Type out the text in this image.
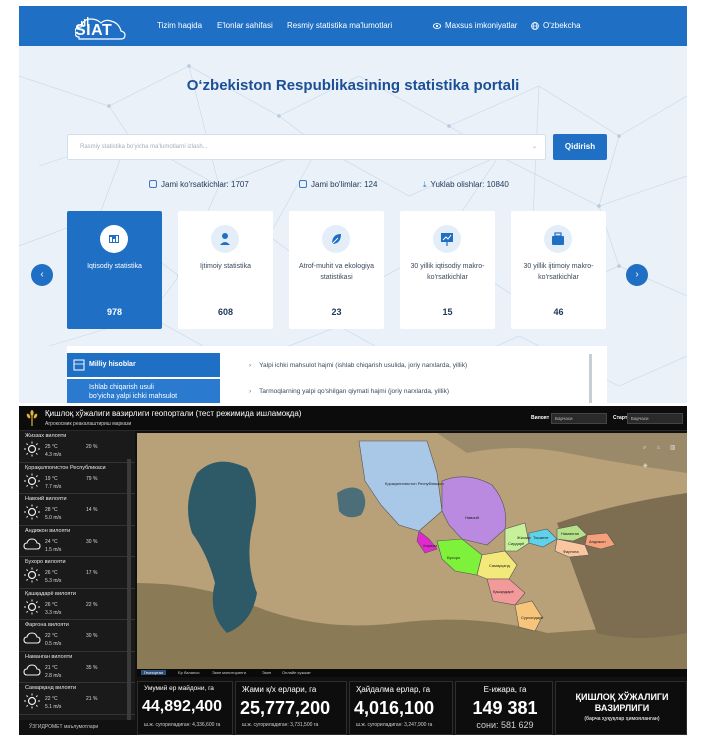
SIAT	Tizim haqida E'lonlar sahifasi Resmiy statistika ma'lumotlari	Maxsus imkoniyatlar	O'zbekcha
O‘zbekiston Respublikasining statistika portali
Rasmiy statistika bo'yicha ma'lumotlarni izlash...	⌄	Qidirish
Jami ko'rsatkichlar: 1707	Jami bo'limlar: 124	⤓ Yuklab olishlar: 10840
‹	›
Iqtisodiy statistika
978
Ijtimoiy statistika
608
Atrof-muhit va ekologiya statistikasi
23
30 yillik iqtisodiy makro-ko'rsatkichlar
15
30 yillik ijtimoiy makro-ko'rsatkichlar
46
Milliy hisoblar
Ishlab chiqarish usuli
bo'yicha yalpi ichki mahsulot
› Yalpi ichki mahsulot hajmi (ishlab chiqarish usulida, joriy narxlarda, yillik)
› Tarmoqlarning yalpi qo'shilgan qiymati hajmi (joriy narxlarda, yillik)
Қишлоқ хўжалиги вазирлиги геопортали (тест режимида ишламоқда)
Агрокосмик реакалаштириш маркази
Вилоят	Барчаси	Старт Барчаси
Жиззах вилояти
25 °C
4.3 m/s
20 %
Қорақалпоғистон Республикаси
19 °C
7.7 m/s
79 %
Навоий вилояти
28 °C
5.0 m/s
14 %
Андижон вилояти
24 °C
1.5 m/s
30 %
Бухоро вилояти
26 °C
5.3 m/s
17 %
Қашқадарё вилояти
26 °C
3.3 m/s
22 %
Фарғона вилояти
22 °C
0.5 m/s
30 %
Наманган вилояти
21 °C
2.8 m/s
35 %
Самарқанд вилояти
22 °C
5.1 m/s
21 %
ЎЗГИДРОМЕТ маълумотлари
Қорақалпоғистон Республикаси
Хоразм
Навоий
Бухоро
Жиззах
Самарқанд
Қашқадарё
Сурхондарё
Тошкент
Наманган
Андижон
Фарғона
Сирдарё
⌕ ⌂ ▥ ◈
Геопортал	Ер баланси	Экин мониторинги	Экин	Онлайн хужжат
Умумий ер майдони, га
44,892,400
ш.ж. суғориладиган: 4,336,600 га
Жами қ/х ерлари, га
25,777,200
ш.ж. суғориладиган: 3,731,500 га
Ҳайдалма ерлар, га
4,016,100
ш.ж. суғориладиган: 3,247,900 га
Е-ижара, га
149 381
сони: 581 629
ҚИШЛОҚ ХЎЖАЛИГИ
ВАЗИРЛИГИ
(барча ҳуқуқлар ҳимояланган)
